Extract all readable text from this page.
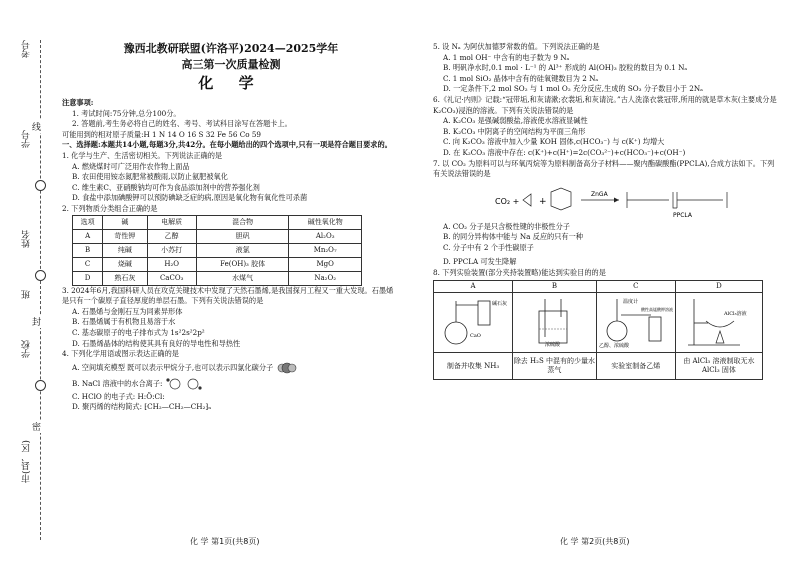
考号
学号
姓名
班
学校
市(县、区)
线
封
密
豫西北教研联盟(许洛平)2024—2025学年
高三第一次质量检测
化 学
注意事项:
1. 考试时间:75分钟,总分100分。
2. 答题前,考生务必将自己的姓名、考号、考试科目涂写在答题卡上。
可能用到的相对原子质量:H 1 N 14 O 16 S 32 Fe 56 Co 59
一、选择题:本题共14小题,每题3分,共42分。在每小题给出的四个选项中,只有一项是符合题目要求的。
1. 化学与生产、生活密切相关。下列说法正确的是
A. 燃烧煤时可广泛用作农作物上面品
B. 农田使用铵态氮肥常被酸雨,以防止氨肥被氧化
C. 维生素C、亚硝酸钠均可作为食品添加剂中的营养强化剂
D. 食盐中添加碘酸钾可以预防碘缺乏症的病,原因是氧化物有氧化性可杀菌
2. 下列物质分类组合正确的是
选项	碱	电解质	混合物	碱性氧化物
A	苛性钾	乙醇	胆矾	Al₂O₃
B	纯碱	小苏打	液氯	Mn₂O₇
C	烧碱	H₂O	Fe(OH)₃ 胶体	MgO
D	熟石灰	CaCO₃	水煤气	Na₂O₂
3. 2024年6月,我国科研人员在攻克关键技术中发现了天然石墨烯,是我国探月工程又一重大发现。石墨烯是只有一个碳原子直径厚度的单层石墨。下列有关说法错误的是
A. 石墨烯与金刚石互为同素异形体
B. 石墨烯属于有机物且易溶于水
C. 基态碳原子的电子排布式为 1s²2s²2p²
D. 石墨烯晶体的结构使其具有良好的导电性和导热性
4. 下列化学用语或图示表达正确的是
A. 空间填充模型 既可以表示甲烷分子,也可以表示四氯化碳分子
B. NaCl 溶液中的水合离子:
C. HClO 的电子式: H:Ö:Cl:
D. 聚丙烯的结构简式: ⁅CH₂—CH₂—CH₂⁆ₙ
5. 设 Nₐ 为阿伏加德罗常数的值。下列说法正确的是
A. 1 mol OH⁻ 中含有的电子数为 9 Nₐ
B. 明矾净水时,0.1 mol · L⁻¹ 的 Al³⁺ 形成的 Al(OH)₃ 胶粒的数目为 0.1 Nₐ
C. 1 mol SiO₂ 晶体中含有的硅氧键数目为 2 Nₐ
D. 一定条件下,2 mol SO₂ 与 1 mol O₂ 充分反应,生成的 SO₃ 分子数目小于 2Nₐ
6.《礼记·内则》记载:“冠带垢,和灰请漱;衣裳垢,和灰请浣。”古人洗涤衣裳冠带,所用的就是草木灰(主要成分是 K₂CO₃)浸泡的溶液。下列有关说法错误的是
A. K₂CO₃ 是强碱弱酸盐,溶液使水溶液显碱性
B. K₂CO₃ 中阴离子的空间结构为平面三角形
C. 向 K₂CO₃ 溶液中加入少量 KOH 固体,c(HCO₃⁻) 与 c(K⁺) 均增大
D. 在 K₂CO₃ 溶液中存在: c(K⁺)+c(H⁺)=2c(CO₃²⁻)+c(HCO₃⁻)+c(OH⁻)
7. 以 CO₂ 为原料可以与环氧丙烷等为原料制备高分子材料——聚内酯碳酸酯(PPCLA),合成方法如下。下列有关说法错误的是
CO₂ + +
ZnGA
PPCLA
A. CO₂ 分子是只含极性键的非极性分子
B. 的同分异构体中能与 Na 反应的只有一种
C. 分子中有 2 个手性碳原子
D. PPCLA 可发生降解
8. 下列实验装置(部分夹持装置略)能达到实验目的的是
A	B	C	D

碱石灰
CaO	浓硫酸	温度计
乙醇、浓硫酸
酸性高锰酸钾溶液	AlCl₃溶液

制备并收集 NH₃	除去 H₂S 中混有的少量水蒸气	实验室制备乙烯	由 AlCl₃ 溶液制取无水 AlCl₃ 固体
化 学 第1页(共8页)	化 学 第2页(共8页)
